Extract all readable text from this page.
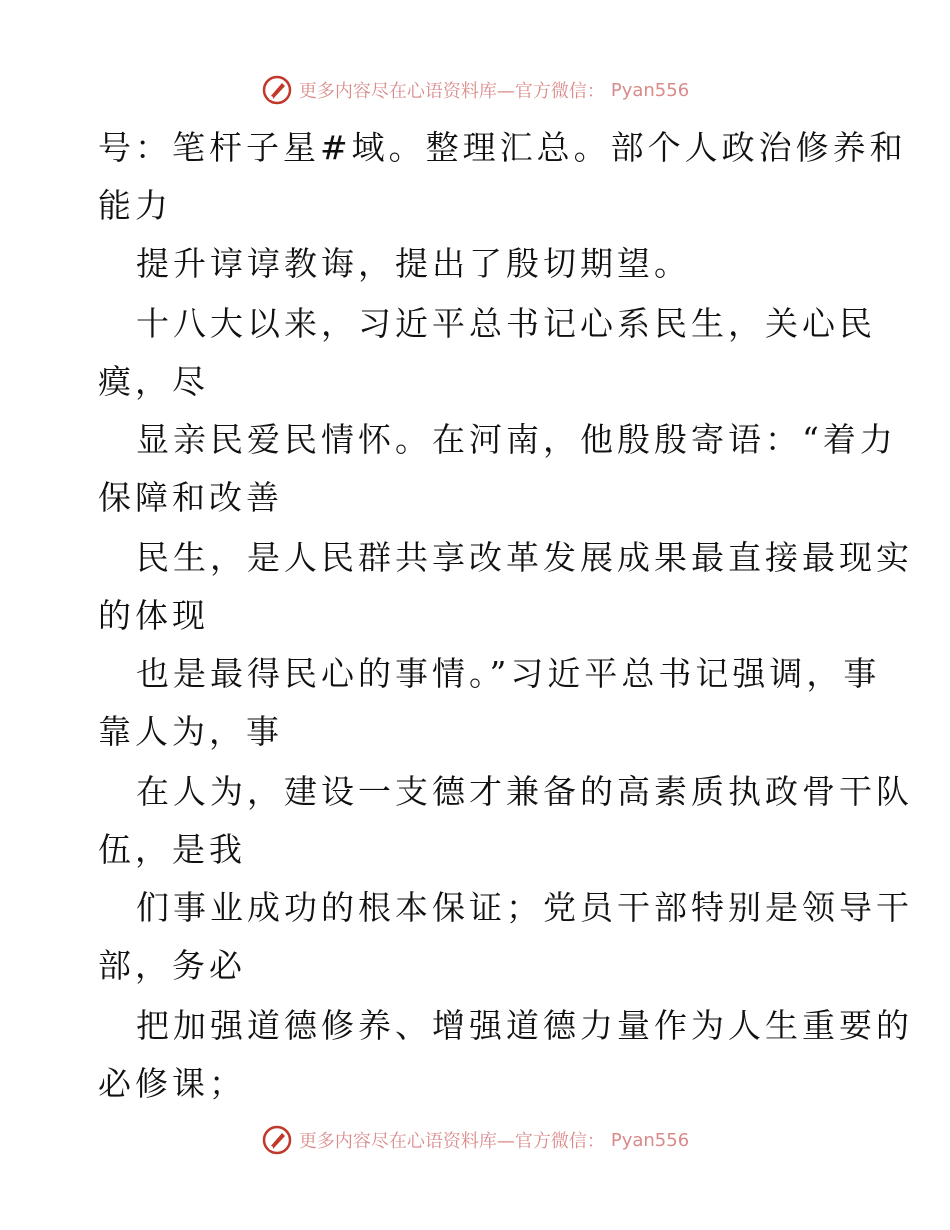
更多内容尽在心语资料库—官方微信： Pyan556
号：笔杆子星#域。整理汇总。部个人政治修养和
能力
提升谆谆教诲，提出了殷切期望。
十八大以来，习近平总书记心系民生，关心民
瘼，尽
显亲民爱民情怀。在河南，他殷殷寄语：“着力
保障和改善
民生，是人民群共享改革发展成果最直接最现实
的体现
也是最得民心的事情。”习近平总书记强调，事
靠人为，事
在人为，建设一支德才兼备的高素质执政骨干队
伍，是我
们事业成功的根本保证；党员干部特别是领导干
部，务必
把加强道德修养、增强道德力量作为人生重要的
必修课；
更多内容尽在心语资料库—官方微信： Pyan556
